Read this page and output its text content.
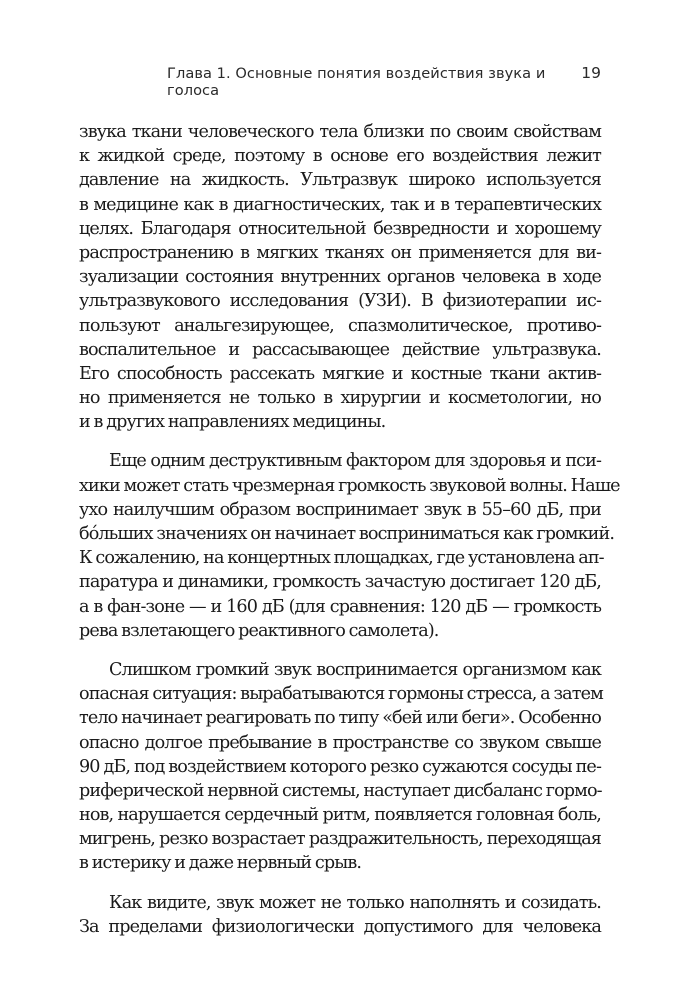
Глава 1. Основные понятия воздействия звука и голоса
19
звука ткани человеческого тела близки по своим свойствам
к жидкой среде, поэтому в основе его воздействия лежит
давление на жидкость. Ультразвук широко используется
в медицине как в диагностических, так и в терапевтических
целях. Благодаря относительной безвредности и хорошему
распространению в мягких тканях он применяется для ви-
зуализации состояния внутренних органов человека в ходе
ультразвукового исследования (УЗИ). В физиотерапии ис-
пользуют анальгезирующее, спазмолитическое, противо-
воспалительное и рассасывающее действие ультразвука.
Его способность рассекать мягкие и костные ткани актив-
но применяется не только в хирургии и косметологии, но
и в других направлениях медицины.
Еще одним деструктивным фактором для здоровья и пси-
хики может стать чрезмерная громкость звуковой волны. Наше
ухо наилучшим образом воспринимает звук в 55–60 дБ, при
бо́льших значениях он начинает восприниматься как громкий.
К сожалению, на концертных площадках, где установлена ап-
паратура и динамики, громкость зачастую достигает 120 дБ,
а в фан-зоне — и 160 дБ (для сравнения: 120 дБ — громкость
рева взлетающего реактивного самолета).
Слишком громкий звук воспринимается организмом как
опасная ситуация: вырабатываются гормоны стресса, а затем
тело начинает реагировать по типу «бей или беги». Особенно
опасно долгое пребывание в пространстве со звуком свыше
90 дБ, под воздействием которого резко сужаются сосуды пе-
риферической нервной системы, наступает дисбаланс гормо-
нов, нарушается сердечный ритм, появляется головная боль,
мигрень, резко возрастает раздражительность, переходящая
в истерику и даже нервный срыв.
Как видите, звук может не только наполнять и созидать.
За пределами физиологически допустимого для человека
